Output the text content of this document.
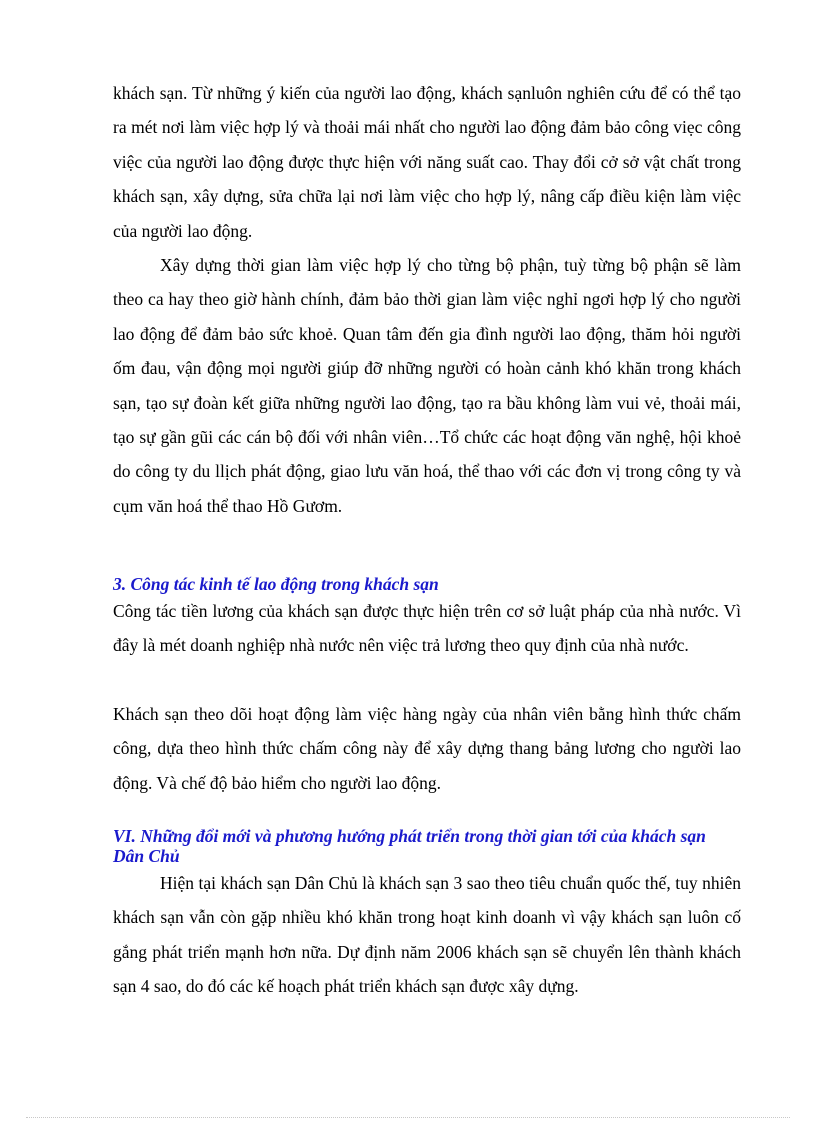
khách sạn. Từ những ý kiến của người lao động, khách sạnluôn nghiên cứu để có thể tạo ra mét nơi làm việc hợp lý và thoải mái nhất cho người lao động đảm bảo công viẹc công việc của người lao động được thực hiện với năng suất cao. Thay đổi cở sở vật chất trong khách sạn, xây dựng, sửa chữa lại nơi làm việc cho hợp lý, nâng cấp điều kiện làm việc của người lao động.

Xây dựng thời gian làm việc hợp lý cho từng bộ phận, tuỳ từng bộ phận sẽ làm theo ca hay theo giờ hành chính, đảm bảo thời gian làm việc nghỉ ngơi hợp lý cho người lao động để đảm bảo sức khoẻ. Quan tâm đến gia đình người lao động, thăm hỏi người ốm đau, vận động mọi người giúp đỡ những người có hoàn cảnh khó khăn trong khách sạn, tạo sự đoàn kết giữa những người lao động, tạo ra bầu không làm vui vẻ, thoải mái, tạo sự gần gũi các cán bộ đối với nhân viên…Tổ chức các hoạt động văn nghệ, hội khoẻ do công ty du llịch phát động, giao lưu văn hoá, thể thao với các đơn vị trong công ty và cụm văn hoá thể thao Hồ Gươm.

3. Công tác kinh tế lao động trong khách sạn

Công tác tiền lương của khách sạn được thực hiện trên cơ sở luật pháp của nhà nước. Vì đây là mét doanh nghiệp nhà nước nên việc trả lương theo quy định của nhà nước.

Khách sạn theo dõi hoạt động làm việc hàng ngày của nhân viên bằng hình thức chấm công, dựa theo hình thức chấm công này để xây dựng thang bảng lương cho người lao động. Và chế độ bảo hiểm cho người lao động.

VI. Những đổi mới và phương hướng phát triển trong thời gian tới của khách sạn Dân Chủ

Hiện tại khách sạn Dân Chủ là khách sạn 3 sao theo tiêu chuẩn quốc thế, tuy nhiên khách sạn vẫn còn gặp nhiều khó khăn trong hoạt kinh doanh vì vậy khách sạn luôn cố gắng phát triển mạnh hơn nữa. Dự định năm 2006 khách sạn sẽ chuyển lên thành khách sạn 4 sao, do đó các kế hoạch phát triển khách sạn được xây dựng.
